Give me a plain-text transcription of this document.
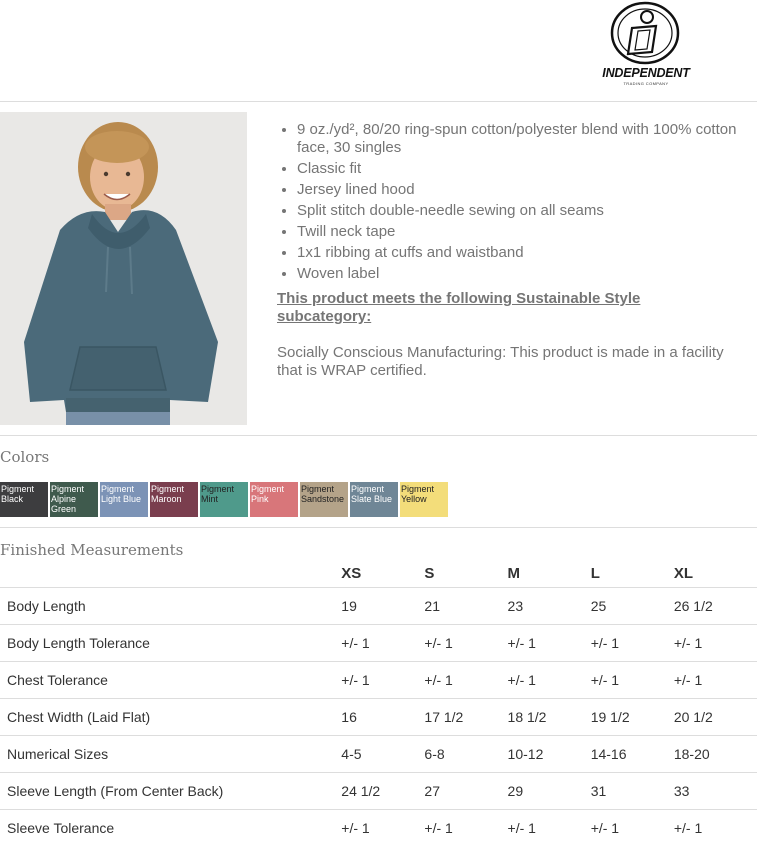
INDEPENDENT
TRADING COMPANY
• 9 oz./yd², 80/20 ring-spun cotton/polyester blend with 100% cotton face, 30 singles
• Classic fit
• Jersey lined hood
• Split stitch double-needle sewing on all seams
• Twill neck tape
• 1x1 ribbing at cuffs and waistband
• Woven label
This product meets the following Sustainable Style subcategory:
Socially Conscious Manufacturing: This product is made in a facility that is WRAP certified.
Colors
Pigment Black
Pigment Alpine Green
Pigment Light Blue
Pigment Maroon
Pigment Mint
Pigment Pink
Pigment Sandstone
Pigment Slate Blue
Pigment Yellow
Finished Measurements
	XS	S	M	L	XL
Body Length	19	21	23	25	26 1/2
Body Length Tolerance	+/- 1	+/- 1	+/- 1	+/- 1	+/- 1
Chest Tolerance	+/- 1	+/- 1	+/- 1	+/- 1	+/- 1
Chest Width (Laid Flat)	16	17 1/2	18 1/2	19 1/2	20 1/2
Numerical Sizes	4-5	6-8	10-12	14-16	18-20
Sleeve Length (From Center Back)	24 1/2	27	29	31	33
Sleeve Tolerance	+/- 1	+/- 1	+/- 1	+/- 1	+/- 1
